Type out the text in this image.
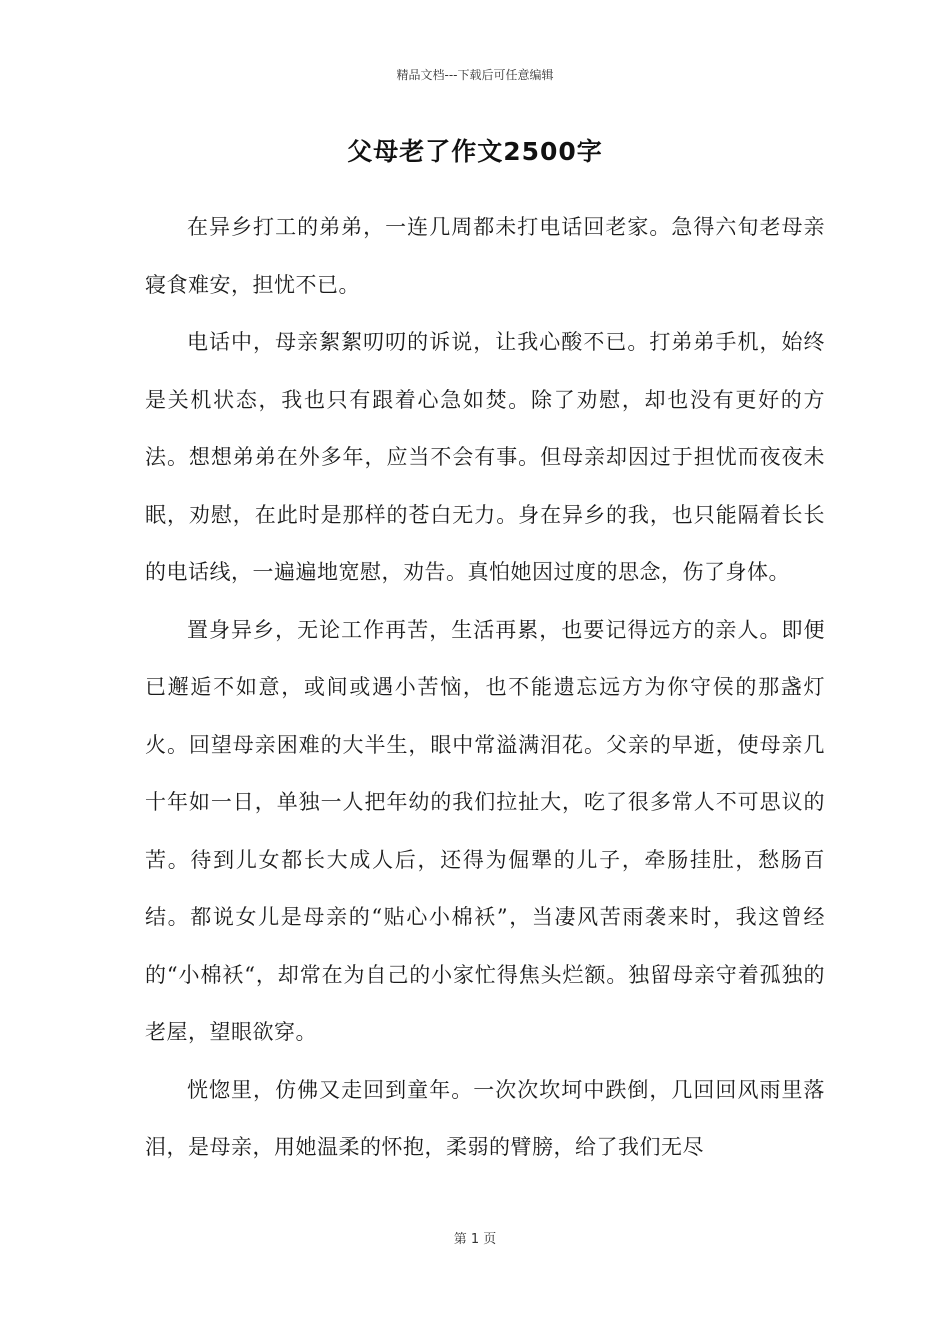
精品文档---下载后可任意编辑
父母老了作文2500字

在异乡打工的弟弟，一连几周都未打电话回老家。急得六旬老母亲寝食难安，担忧不已。

电话中，母亲絮絮叨叨的诉说，让我心酸不已。打弟弟手机，始终是关机状态，我也只有跟着心急如焚。除了劝慰，却也没有更好的方法。想想弟弟在外多年，应当不会有事。但母亲却因过于担忧而夜夜未眠，劝慰，在此时是那样的苍白无力。身在异乡的我，也只能隔着长长的电话线，一遍遍地宽慰，劝告。真怕她因过度的思念，伤了身体。

置身异乡，无论工作再苦，生活再累，也要记得远方的亲人。即便已邂逅不如意，或间或遇小苦恼，也不能遗忘远方为你守侯的那盏灯火。回望母亲困难的大半生，眼中常溢满泪花。父亲的早逝，使母亲几十年如一日，单独一人把年幼的我们拉扯大，吃了很多常人不可思议的苦。待到儿女都长大成人后，还得为倔犟的儿子，牵肠挂肚，愁肠百结。都说女儿是母亲的“贴心小棉袄”，当凄风苦雨袭来时，我这曾经的“小棉袄“，却常在为自己的小家忙得焦头烂额。独留母亲守着孤独的老屋，望眼欲穿。

恍惚里，仿佛又走回到童年。一次次坎坷中跌倒，几回回风雨里落泪，是母亲，用她温柔的怀抱，柔弱的臂膀，给了我们无尽

第 1 页
